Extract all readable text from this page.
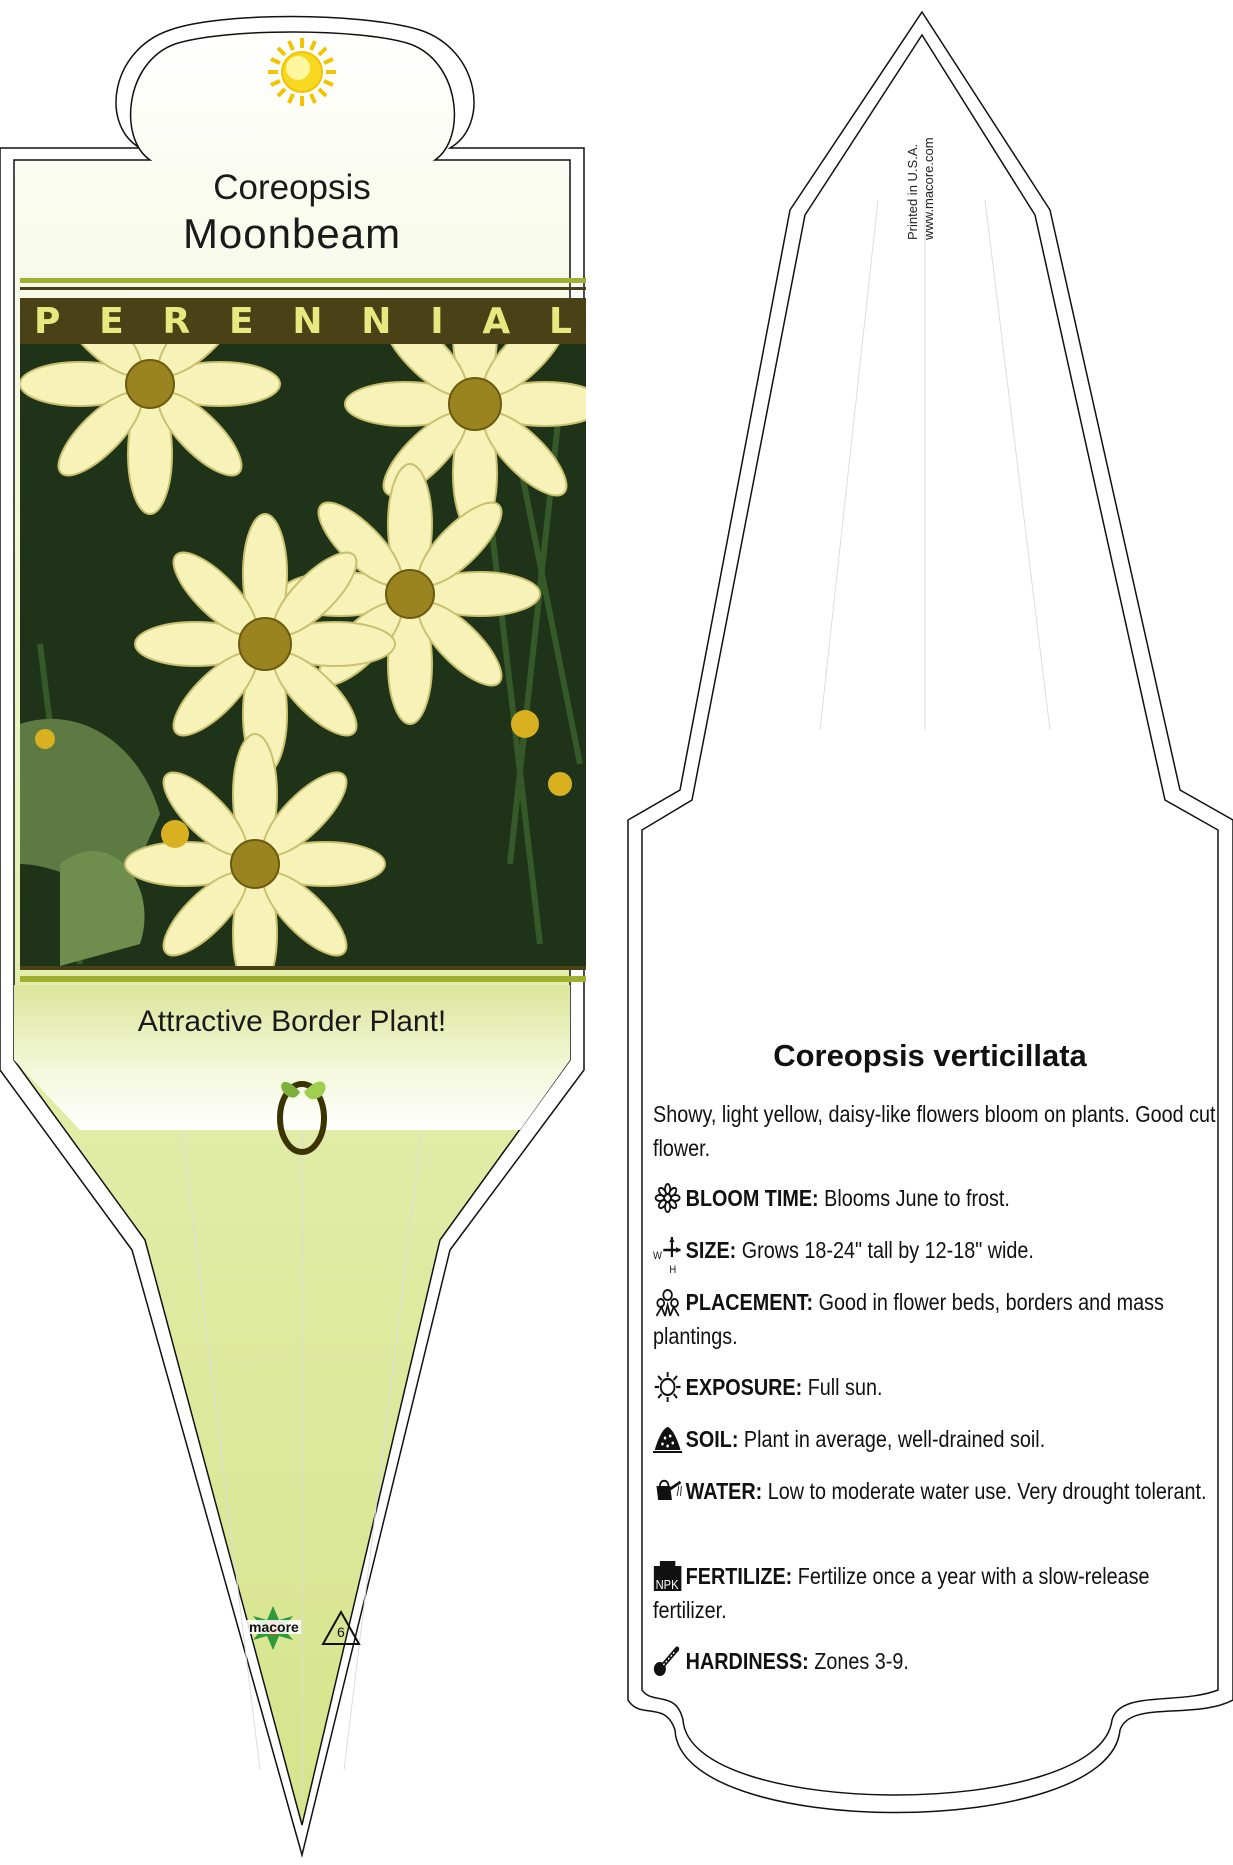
Coreopsis
Moonbeam
P E R E N N I A L
Attractive Border Plant!
macore	6
Printed in U.S.A.
www.macore.com
Coreopsis verticillata
Showy, light yellow, daisy-like flowers bloom on plants. Good cut flower.
BLOOM TIME: Blooms June to frost.
W
H
SIZE: Grows 18-24" tall by 12-18" wide.
PLACEMENT: Good in flower beds, borders and mass plantings.
EXPOSURE: Full sun.
SOIL: Plant in average, well-drained soil.
WATER: Low to moderate water use. Very drought tolerant.
NPK FERTILIZE: Fertilize once a year with a slow-release fertilizer.
HARDINESS: Zones 3-9.
